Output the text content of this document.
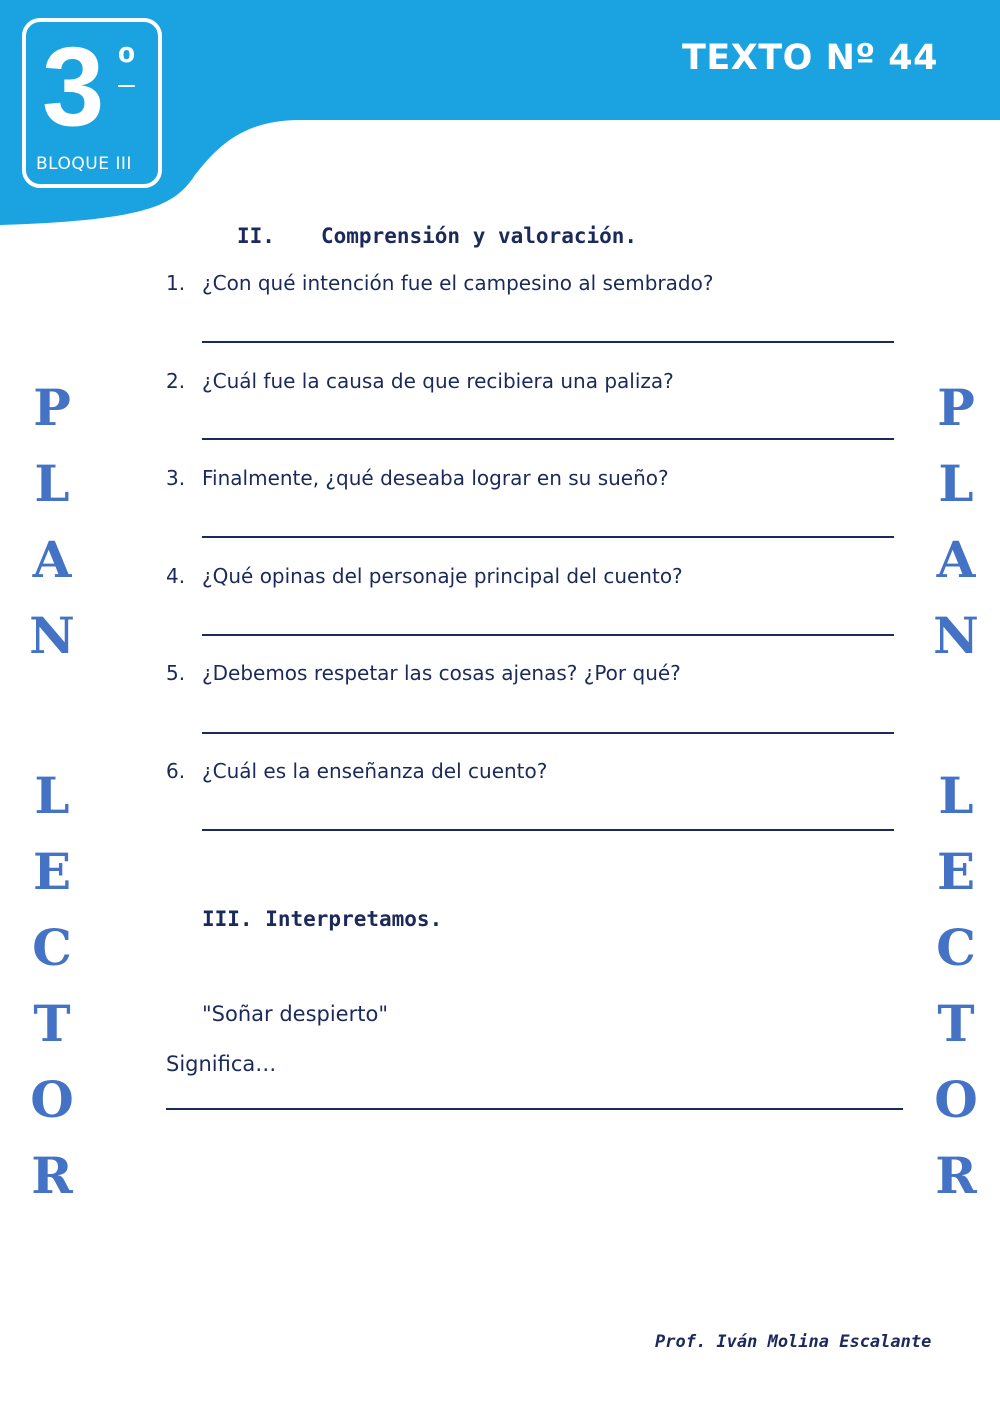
3 º
BLOQUE III
TEXTO Nº 44
P
L
A
N
L
E
C
T
O
R
P
L
A
N
L
E
C
T
O
R
II. Comprensión y valoración.
1. ¿Con qué intención fue el campesino al sembrado?
2. ¿Cuál fue la causa de que recibiera una paliza?
3. Finalmente, ¿qué deseaba lograr en su sueño?
4. ¿Qué opinas del personaje principal del cuento?
5. ¿Debemos respetar las cosas ajenas? ¿Por qué?
6. ¿Cuál es la enseñanza del cuento?
III. Interpretamos.
"Soñar despierto"
Significa…
Prof. Iván Molina Escalante
